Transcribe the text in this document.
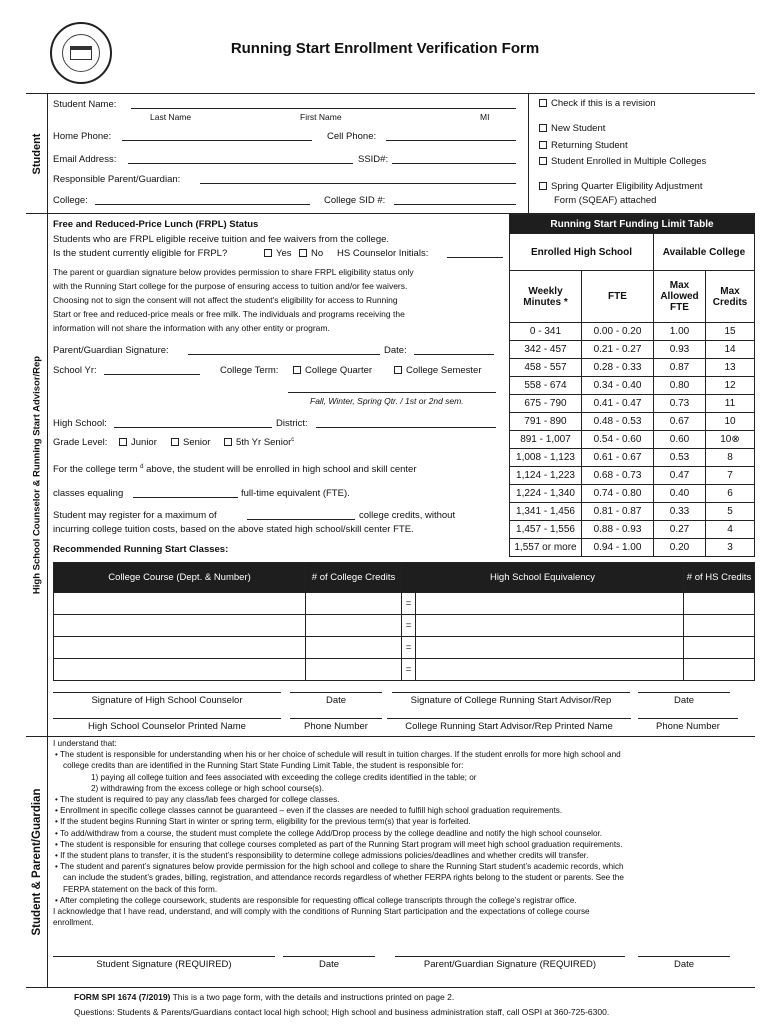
Running Start Enrollment Verification Form
Student
High School Counselor & Running Start Advisor/Rep
Student & Parent/Guardian
Student Name:
Last Name	First Name	MI
Home Phone:	Cell Phone:
Email Address:	SSID#:
Responsible Parent/Guardian:
College:	College SID #:
Check if this is a revision
New Student
Returning Student
Student Enrolled in Multiple Colleges
Spring Quarter Eligibility Adjustment
Form (SQEAF) attached
Free and Reduced-Price Lunch (FRPL) Status
Students who are FRPL eligible receive tuition and fee waivers from the college.
Is the student currently eligible for FRPL?	Yes	No HS Counselor Initials:
The parent or guardian signature below provides permission to share FRPL eligibility status only
with the Running Start college for the purpose of ensuring access to tuition and/or fee waivers.
Choosing not to sign the consent will not affect the student’s eligibility for access to Running
Start or free and reduced-price meals or free milk. The individuals and programs receiving the
information will not share the information with any other entity or program.
Parent/Guardian Signature:	Date:
School Yr:	College Term:	College Quarter	College Semester
Fall, Winter, Spring Qtr. / 1st or 2nd sem.
High School:	District:
Grade Level:	Junior	Senior	5th Yr Senior$^c$
For the college term $^d$ above, the student will be enrolled in high school and skill center
classes equaling	full-time equivalent (FTE).
Student may register for a maximum of	college credits, without
incurring college tuition costs, based on the above stated high school/skill center FTE.
Recommended Running Start Classes:
Running Start Funding Limit Table			
Enrolled High School		Available College	
Weekly Minutes *	FTE	Max Allowed FTE	Max Credits
0 - 341	0.00 - 0.20	1.00	15
342 - 457	0.21 - 0.27	0.93	14
458 - 557	0.28 - 0.33	0.87	13
558 - 674	0.34 - 0.40	0.80	12
675 - 790	0.41 - 0.47	0.73	11
791 - 890	0.48 - 0.53	0.67	10
891 - 1,007	0.54 - 0.60	0.60	10⊗
1,008 - 1,123	0.61 - 0.67	0.53	8
1,124 - 1,223	0.68 - 0.73	0.47	7
1,224 - 1,340	0.74 - 0.80	0.40	6
1,341 - 1,456	0.81 - 0.87	0.33	5
1,457 - 1,556	0.88 - 0.93	0.27	4
1,557 or more	0.94 - 1.00	0.20	3
College Course (Dept. & Number)	# of College Credits	High School Equivalency	# of HS Credits

		=	

		=	

		=	

		=	

Signature of High School Counselor	Date	Signature of College Running Start Advisor/Rep	Date
High School Counselor Printed Name	Phone Number	College Running Start Advisor/Rep Printed Name	Phone Number
I understand that:
• The student is responsible for understanding when his or her choice of schedule will result in tuition charges. If the student enrolls for more high school and
college credits than are identified in the Running Start State Funding Limit Table, the student is responsible for:
1) paying all college tuition and fees associated with exceeding the college credits identified in the table; or
2) withdrawing from the excess college or high school course(s).
• The student is required to pay any class/lab fees charged for college classes.
• Enrollment in specific college classes cannot be guaranteed – even if the classes are needed to fulfill high school graduation requirements.
• If the student begins Running Start in winter or spring term, eligibility for the previous term(s) that year is forfeited.
• To add/withdraw from a course, the student must complete the college Add/Drop process by the college deadline and notify the high school counselor.
• The student is responsible for ensuring that college courses completed as part of the Running Start program will meet high school graduation requirements.
• If the student plans to transfer, it is the student’s responsibility to determine college admissions policies/deadlines and whether credits will transfer.
• The student and parent’s signatures below provide permission for the high school and college to share the Running Start student’s academic records, which
can include the student’s grades, billing, registration, and attendance records regardless of whether FERPA rights belong to the student or parents. See the
FERPA statement on the back of this form.
• After completing the college coursework, students are responsible for requesting offical college transcripts through the college’s registrar office.
I acknowledge that I have read, understand, and will comply with the conditions of Running Start participation and the expectations of college course
enrollment.
Student Signature (REQUIRED)	Date	Parent/Guardian Signature (REQUIRED)	Date
FORM SPI 1674 (7/2019) This is a two page form, with the details and instructions printed on page 2.
Questions: Students & Parents/Guardians contact local high school; High school and business administration staff, call OSPI at 360-725-6300.
